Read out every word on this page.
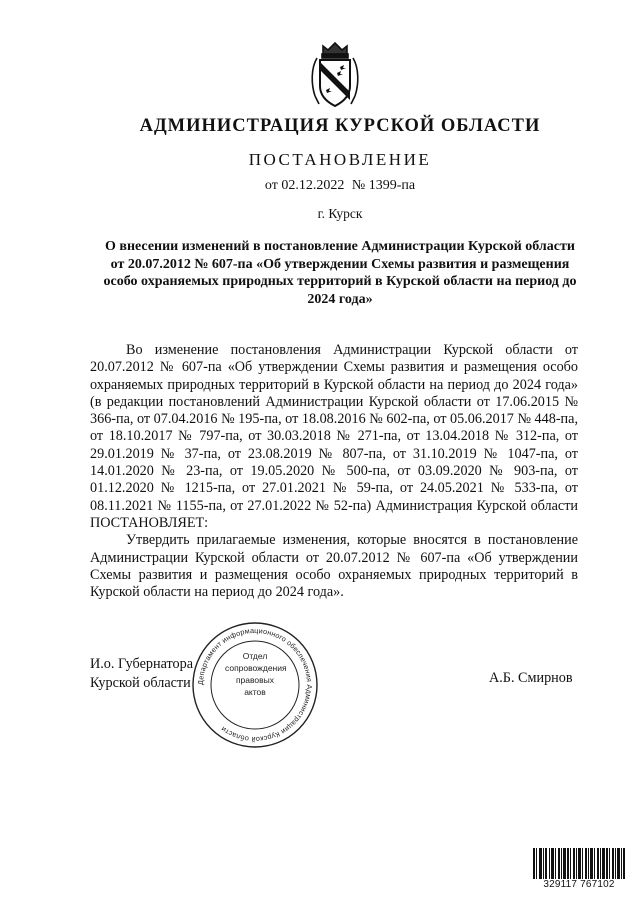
АДМИНИСТРАЦИЯ КУРСКОЙ ОБЛАСТИ
ПОСТАНОВЛЕНИЕ
от 02.12.2022 № 1399-па
г. Курск
О внесении изменений в постановление Администрации Курской области от 20.07.2012 № 607-па «Об утверждении Схемы развития и размещения особо охраняемых природных территорий в Курской области на период до 2024 года»

Во изменение постановления Администрации Курской области от 20.07.2012 № 607-па «Об утверждении Схемы развития и размещения особо охраняемых природных территорий в Курской области на период до 2024 года» (в редакции постановлений Администрации Курской области от 17.06.2015 № 366-па, от 07.04.2016 № 195-па, от 18.08.2016 № 602-па, от 05.06.2017 № 448-па, от 18.10.2017 № 797-па, от 30.03.2018 № 271-па, от 13.04.2018 № 312-па, от 29.01.2019 № 37-па, от 23.08.2019 № 807-па, от 31.10.2019 № 1047-па, от 14.01.2020 № 23-па, от 19.05.2020 № 500-па, от 03.09.2020 № 903-па, от 01.12.2020 № 1215-па, от 27.01.2021 № 59-па, от 24.05.2021 № 533-па, от 08.11.2021 № 1155-па, от 27.01.2022 № 52-па) Администрация Курской области ПОСТАНОВЛЯЕТ:

Утвердить прилагаемые изменения, которые вносятся в постановление Администрации Курской области от 20.07.2012 № 607-па «Об утверждении Схемы развития и размещения особо охраняемых природных территорий в Курской области на период до 2024 года».

И.о. Губернатора
Курской области	А.Б. Смирнов
Департамент информационного обеспечения Администрации Курской области
Отдел
сопровождения
правовых
актов
329117 767102
